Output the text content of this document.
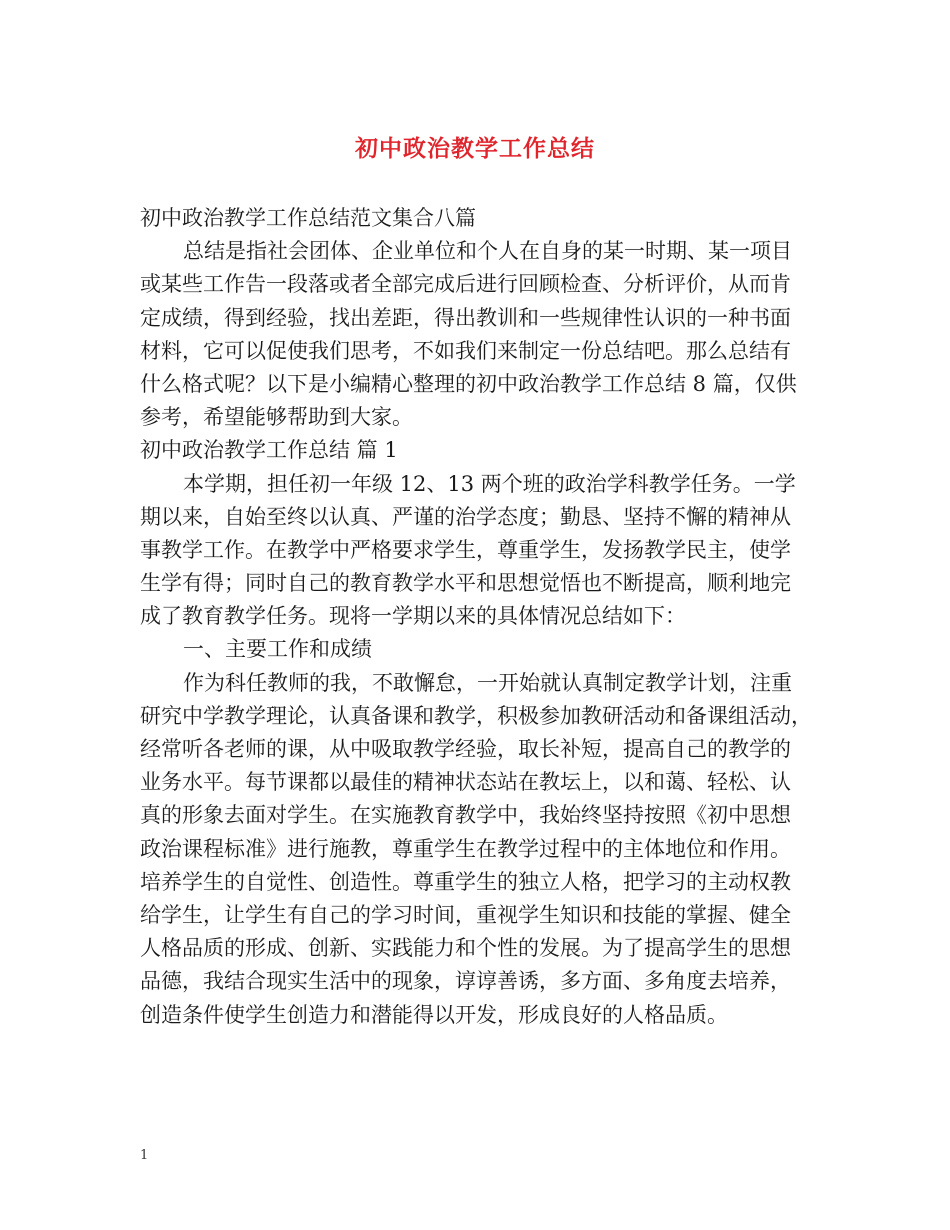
初中政治教学工作总结

初中政治教学工作总结范文集合八篇

总结是指社会团体、企业单位和个人在自身的某一时期、某一项目

或某些工作告一段落或者全部完成后进行回顾检查、分析评价，从而肯

定成绩，得到经验，找出差距，得出教训和一些规律性认识的一种书面

材料，它可以促使我们思考，不如我们来制定一份总结吧。那么总结有

什么格式呢？以下是小编精心整理的初中政治教学工作总结 8 篇，仅供

参考，希望能够帮助到大家。

初中政治教学工作总结 篇 1

本学期，担任初一年级 12、13 两个班的政治学科教学任务。一学

期以来，自始至终以认真、严谨的治学态度；勤恳、坚持不懈的精神从

事教学工作。在教学中严格要求学生，尊重学生，发扬教学民主，使学

生学有得；同时自己的教育教学水平和思想觉悟也不断提高，顺利地完

成了教育教学任务。现将一学期以来的具体情况总结如下：

一、主要工作和成绩

作为科任教师的我，不敢懈怠，一开始就认真制定教学计划，注重

研究中学教学理论，认真备课和教学，积极参加教研活动和备课组活动，

经常听各老师的课，从中吸取教学经验，取长补短，提高自己的教学的

业务水平。每节课都以最佳的精神状态站在教坛上，以和蔼、轻松、认

真的形象去面对学生。在实施教育教学中，我始终坚持按照《初中思想

政治课程标准》进行施教，尊重学生在教学过程中的主体地位和作用。

培养学生的自觉性、创造性。尊重学生的独立人格，把学习的主动权教

给学生，让学生有自己的学习时间，重视学生知识和技能的掌握、健全

人格品质的形成、创新、实践能力和个性的发展。为了提高学生的思想

品德，我结合现实生活中的现象，谆谆善诱，多方面、多角度去培养，

创造条件使学生创造力和潜能得以开发，形成良好的人格品质。

1
